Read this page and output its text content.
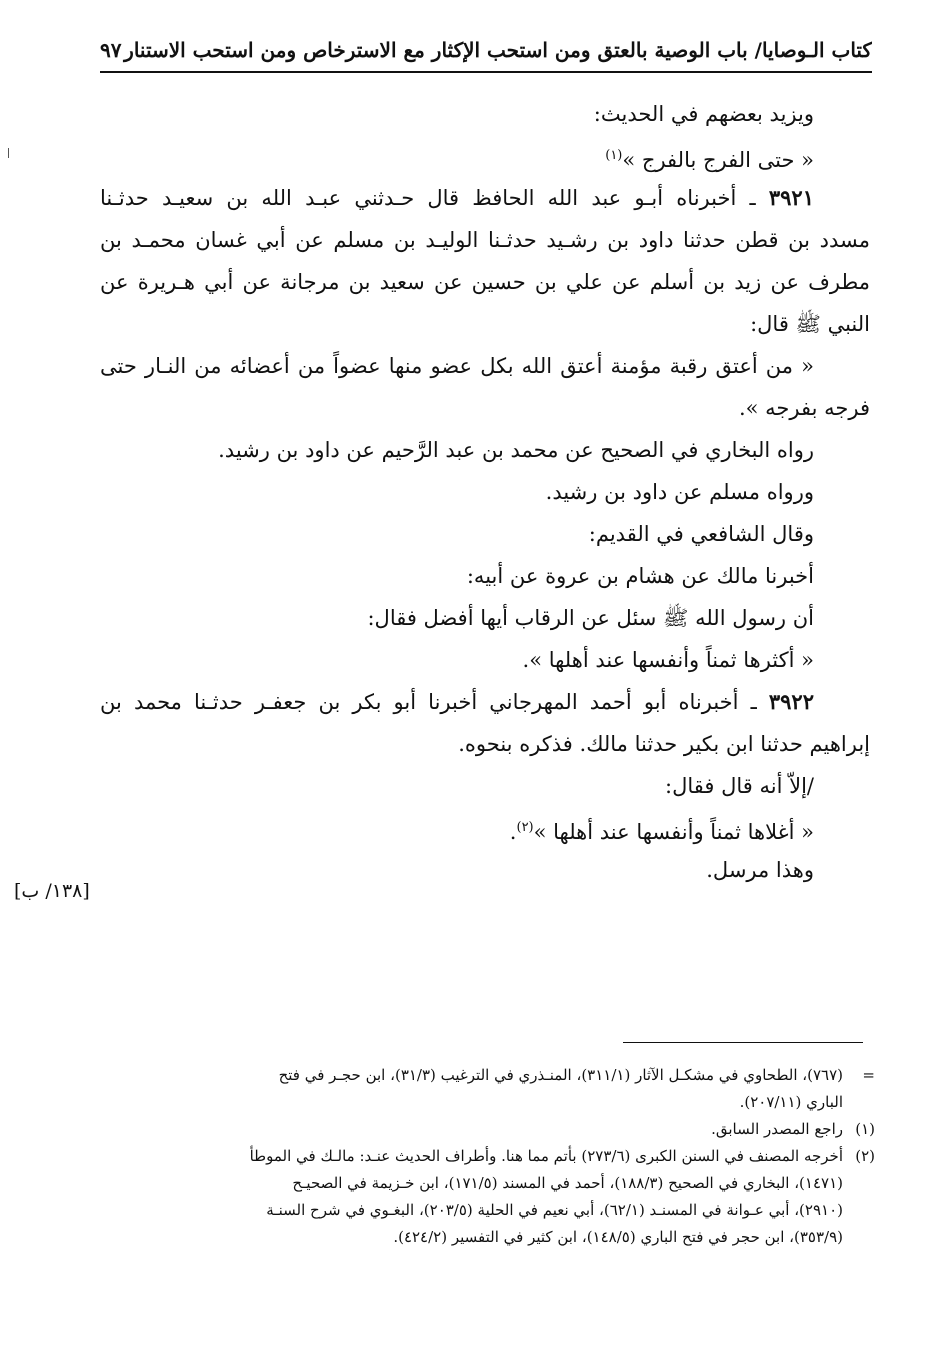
كتاب الـوصايا/ باب الوصية بالعتق ومن استحب الإكثار مع الاسترخاص ومن استحب الاستنار
٩٧
ويزيد بعضهم في الحديث:
« حتى الفرج بالفرج »$^{(١)}$
٣٩٢١ ـ أخبرناه أبـو عبد الله الحافظ قال حـدثني عبـد الله بن سعيـد حدثـنا
مسدد بن قطن حدثنا داود بن رشـيد حدثـنا الوليـد بن مسلم عن أبي غسان محمـد بن
مطرف عن زيد بن أسلم عن علي بن حسين عن سعيد بن مرجانة عن أبي هـريرة عن
النبي ﷺ قال:
« من أعتق رقبة مؤمنة أعتق الله بكل عضو منها عضواً من أعضائه من النـار حتى
فرجه بفرجه ».
رواه البخاري في الصحيح عن محمد بن عبد الرَّحيم عن داود بن رشيد.
ورواه مسلم عن داود بن رشيد.
وقال الشافعي في القديم:
أخبرنا مالك عن هشام بن عروة عن أبيه:
أن رسول الله ﷺ سئل عن الرقاب أيها أفضل فقال:
« أكثرها ثمناً وأنفسها عند أهلها ».
٣٩٢٢ ـ أخبرناه أبو أحمد المهرجاني أخبرنا أبو بكر بن جعفـر حدثـنا محمد بن
إبراهيم حدثنا ابن بكير حدثنا مالك. فذكره بنحوه.
/إلاّ أنه قال فقال:
« أغلاها ثمناً وأنفسها عند أهلها »$^{(٢)}$.
وهذا مرسل.
[١٣٨/ ب]
=
(٧٦٧)، الطحاوي في مشكـل الآثار (٣١١/١)، المنـذري في الترغيب (٣١/٣)، ابن حجـر في فتح
الباري (٢٠٧/١١).
(١)
راجع المصدر السابق.
(٢)
أخرجه المصنف في السنن الكبرى (٢٧٣/٦) بأتم مما هنا. وأطراف الحديث عنـد: مالـك في الموطأ
(١٤٧١)، البخاري في الصحيح (١٨٨/٣)، أحمد في المسند (١٧١/٥)، ابن خـزيمة في الصحيـح
(٢٩١٠)، أبي عـوانة في المسنـد (٦٢/١)، أبي نعيم في الحلية (٢٠٣/٥)، البغـوي في شرح السنـة
(٣٥٣/٩)، ابن حجر في فتح الباري (١٤٨/٥)، ابن كثير في التفسير (٤٢٤/٢).
